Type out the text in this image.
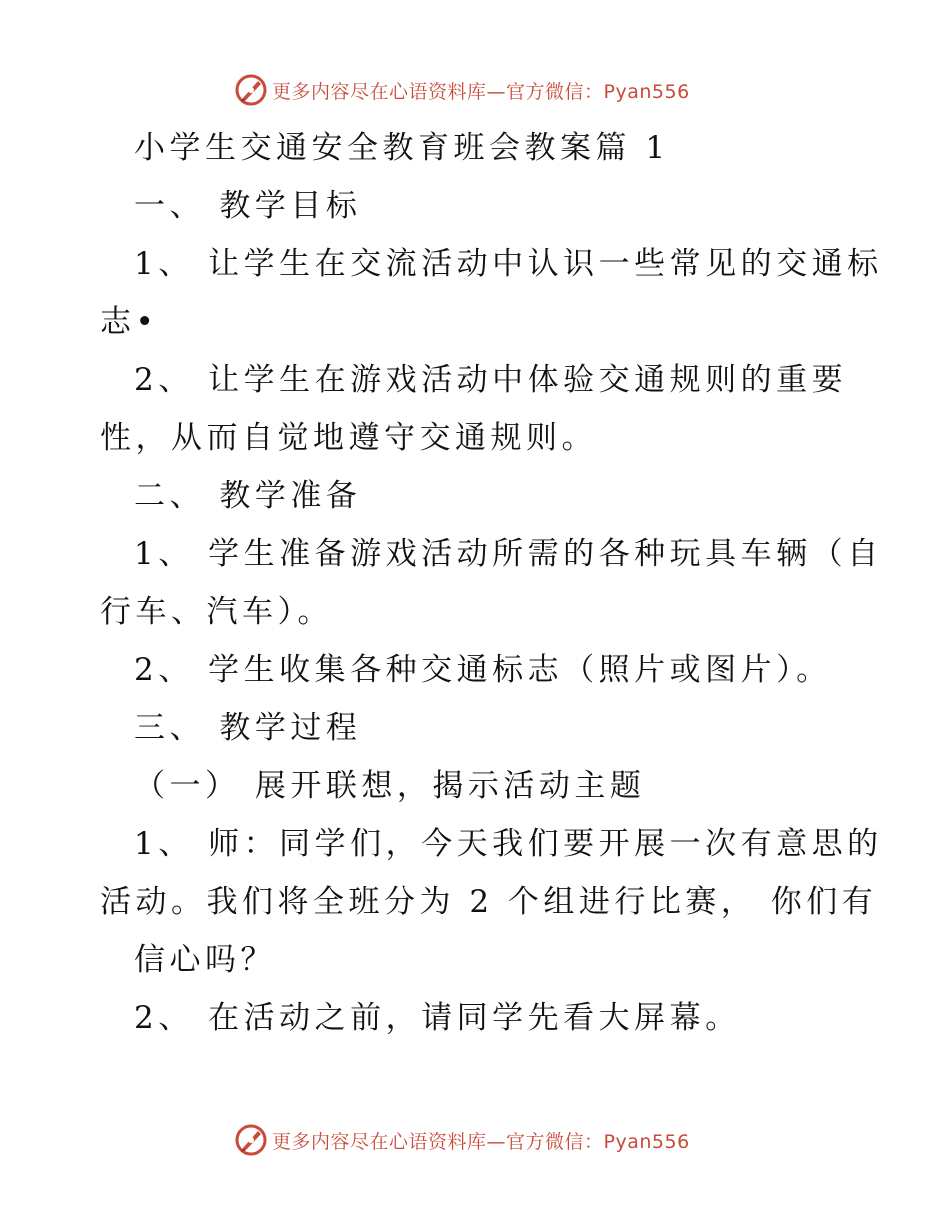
更多内容尽在心语资料库—官方微信：Pyan556
小学生交通安全教育班会教案篇 1
一、 教学目标
1、 让学生在交流活动中认识一些常见的交通标
志•
2、 让学生在游戏活动中体验交通规则的重要
性，从而自觉地遵守交通规则。
二、 教学准备
1、 学生准备游戏活动所需的各种玩具车辆（自
行车、汽车）。
2、 学生收集各种交通标志（照片或图片）。
三、 教学过程
（一） 展开联想，揭示活动主题
1、 师：同学们，今天我们要开展一次有意思的
活动。我们将全班分为 2 个组进行比赛， 你们有
信心吗？
2、 在活动之前，请同学先看大屏幕。
更多内容尽在心语资料库—官方微信：Pyan556
